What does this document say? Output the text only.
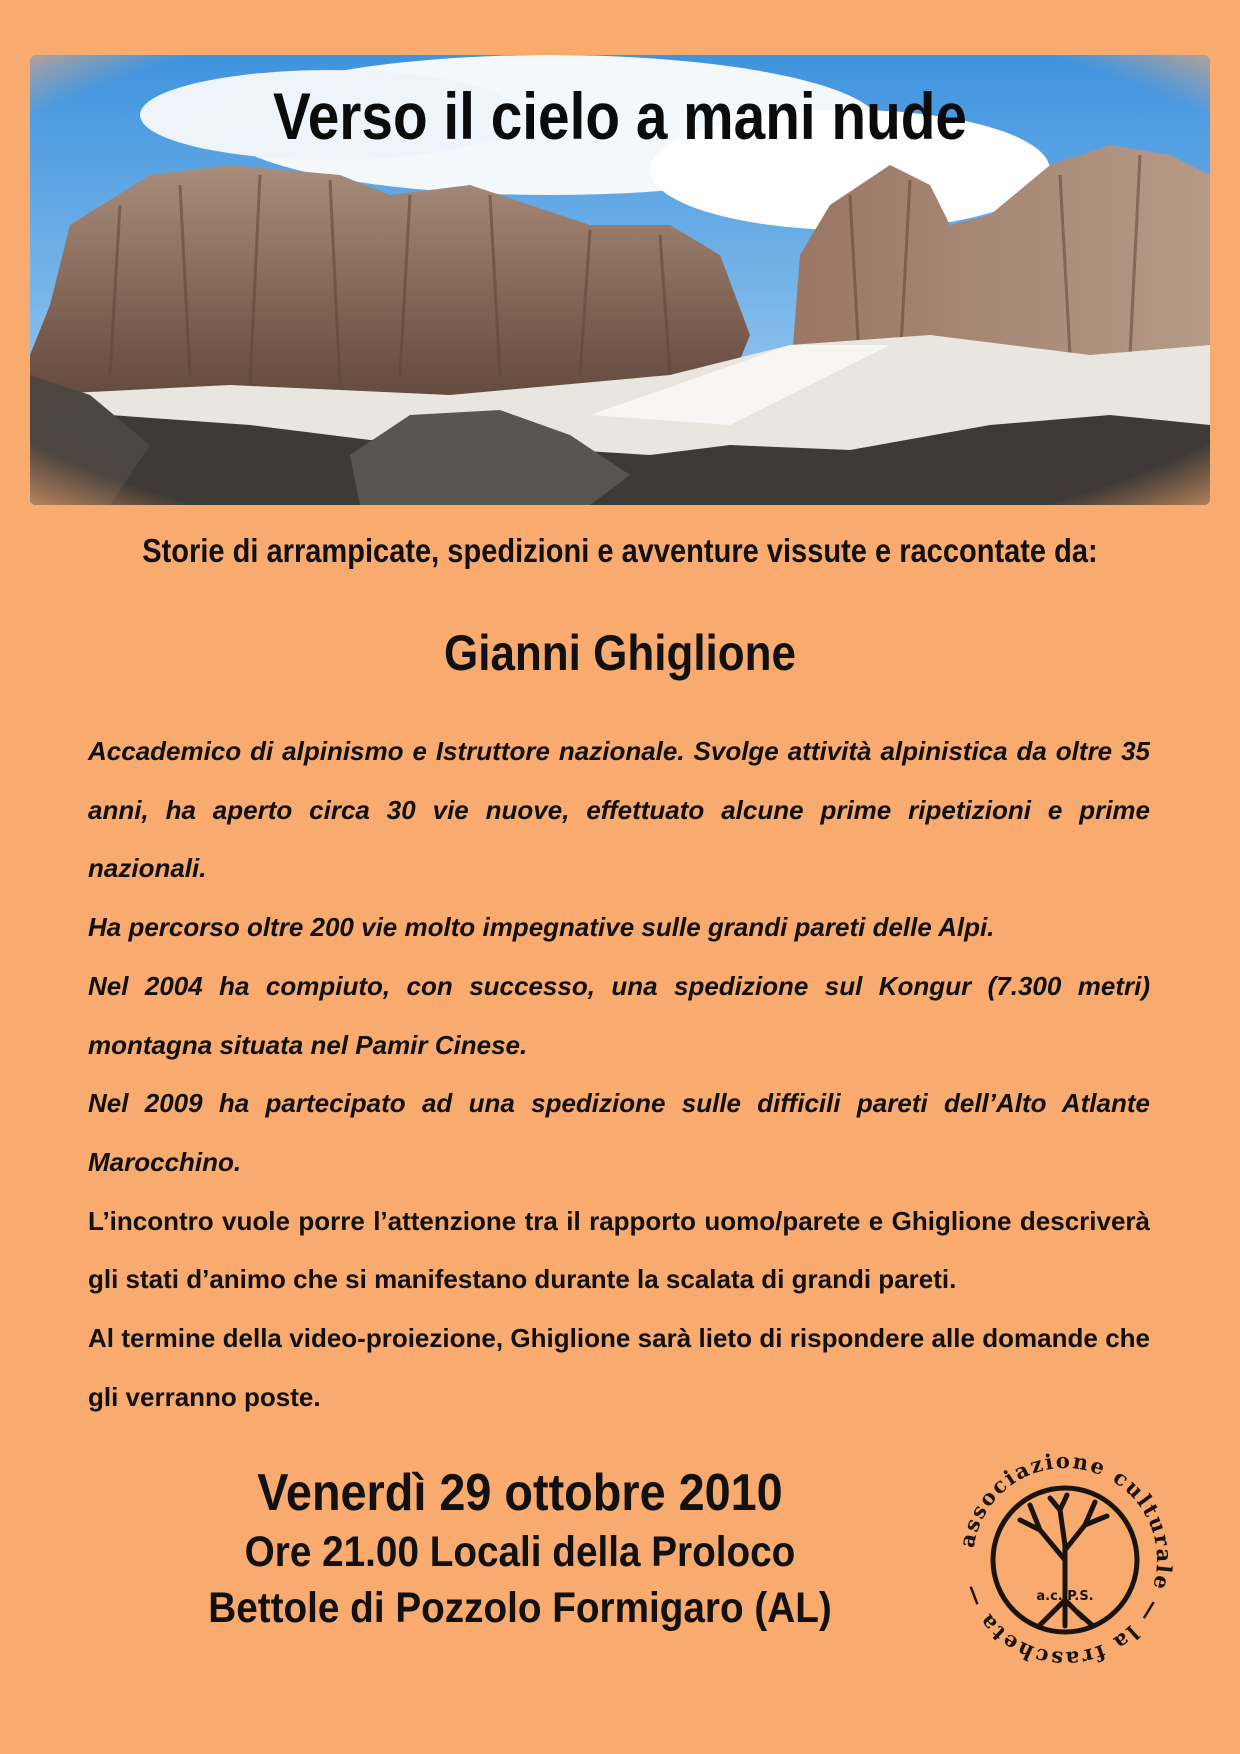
Verso il cielo a mani nude
Storie di arrampicate, spedizioni e avventure vissute e raccontate da:
Gianni Ghiglione

Accademico di alpinismo e Istruttore nazionale. Svolge attività alpinistica da oltre 35 anni, ha aperto circa 30 vie nuove, effettuato alcune prime ripetizioni e prime nazionali.

Ha percorso oltre 200 vie molto impegnative sulle grandi pareti delle Alpi.

Nel 2004 ha compiuto, con successo, una spedizione sul Kongur (7.300 metri) montagna situata nel Pamir Cinese.

Nel 2009 ha partecipato ad una spedizione sulle difficili pareti dell’Alto Atlante Marocchino.

L’incontro vuole porre l’attenzione tra il rapporto uomo/parete e Ghiglione descriverà gli stati d’animo che si manifestano durante la scalata di grandi pareti.

Al termine della video-proiezione, Ghiglione sarà lieto di rispondere alle domande che gli verranno poste.

Venerdì 29 ottobre 2010
Ore 21.00 Locali della Proloco
Bettole di Pozzolo Formigaro (AL)
associazione culturale — la frascheta —	a.c. P.S.
